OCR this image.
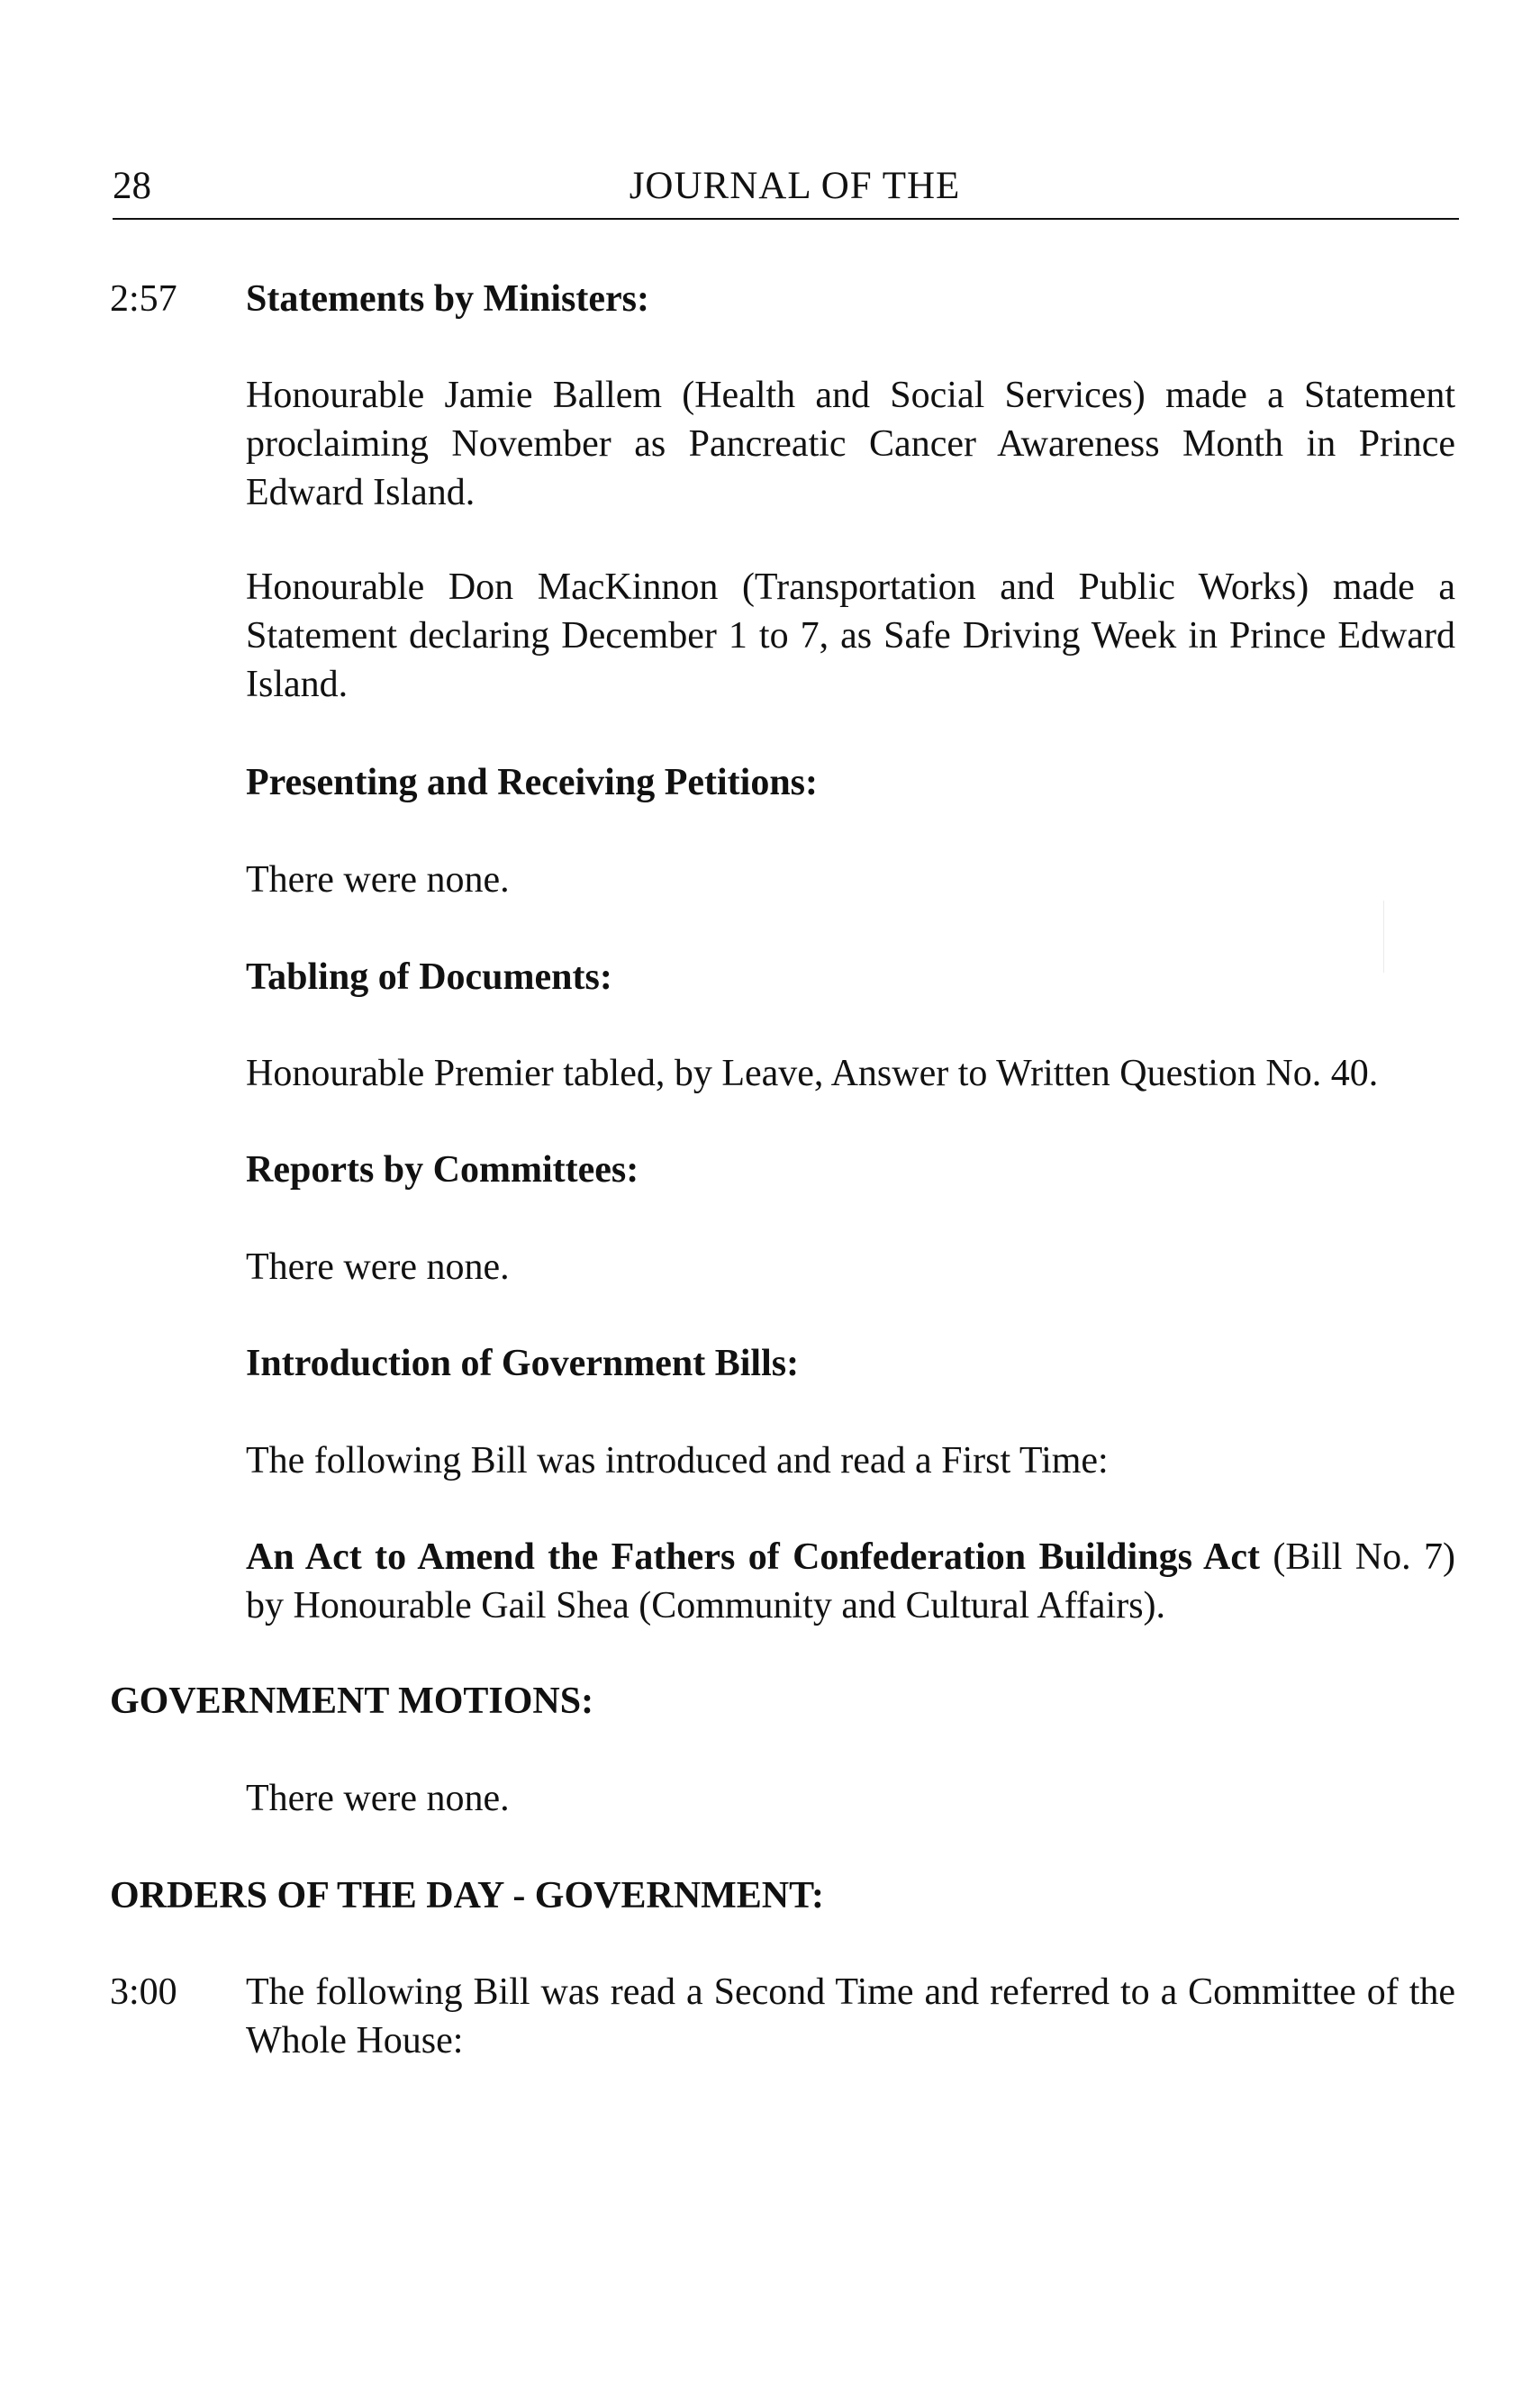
28	JOURNAL OF THE
2:57 Statements by Ministers:

Honourable Jamie Ballem (Health and Social Services) made a Statement proclaiming November as Pancreatic Cancer Awareness Month in Prince Edward Island.

Honourable Don MacKinnon (Transportation and Public Works) made a Statement declaring December 1 to 7, as Safe Driving Week in Prince Edward Island.

Presenting and Receiving Petitions:

There were none.

Tabling of Documents:

Honourable Premier tabled, by Leave, Answer to Written Question No. 40.

Reports by Committees:

There were none.

Introduction of Government Bills:

The following Bill was introduced and read a First Time:

An Act to Amend the Fathers of Confederation Buildings Act (Bill No. 7) by Honourable Gail Shea (Community and Cultural Affairs).

GOVERNMENT MOTIONS:

There were none.

ORDERS OF THE DAY - GOVERNMENT:

3:00 The following Bill was read a Second Time and referred to a Committee of the Whole House:
